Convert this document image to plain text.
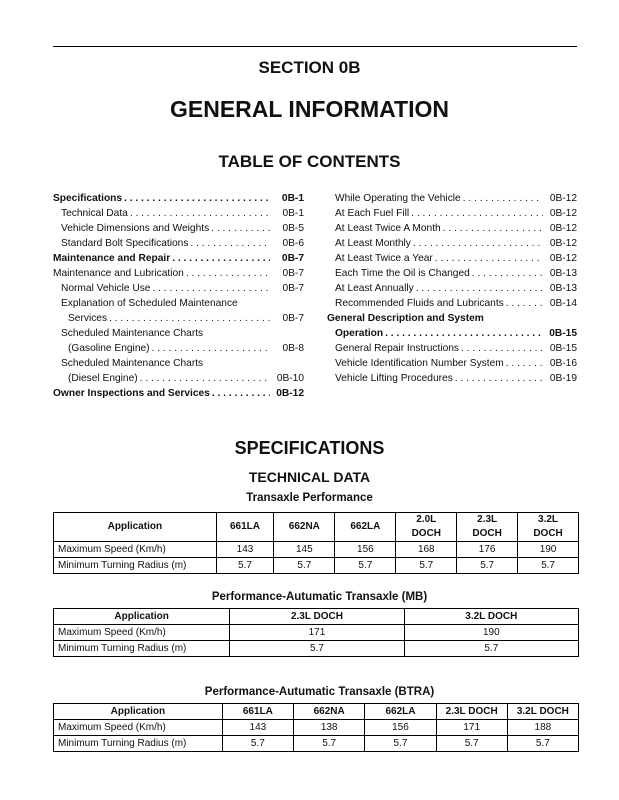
SECTION 0B
GENERAL INFORMATION
TABLE OF CONTENTS
Specifications . . .	0B-1
Technical Data . . .	0B-1
Vehicle Dimensions and Weights . . .	0B-5
Standard Bolt Specifications . . .	0B-6
Maintenance and Repair . . .	0B-7
Maintenance and Lubrication . . .	0B-7
Normal Vehicle Use . . .	0B-7
Explanation of Scheduled Maintenance
Services . . .	0B-7
Scheduled Maintenance Charts
(Gasoline Engine) . . .	0B-8
Scheduled Maintenance Charts
(Diesel Engine) . . .	0B-10
Owner Inspections and Services . . .	0B-12
While Operating the Vehicle . . .	0B-12
At Each Fuel Fill . . .	0B-12
At Least Twice A Month . . .	0B-12
At Least Monthly . . .	0B-12
At Least Twice a Year . . .	0B-12
Each Time the Oil is Changed . . .	0B-13
At Least Annually . . .	0B-13
Recommended Fluids and Lubricants . . .	0B-14
General Description and System
Operation . . .	0B-15
General Repair Instructions . . .	0B-15
Vehicle Identification Number System . . .	0B-16
Vehicle Lifting Procedures . . .	0B-19
SPECIFICATIONS
TECHNICAL DATA
Transaxle Performance
Application	661LA	662NA	662LA	2.0L DOCH	2.3L DOCH	3.2L DOCH
Maximum Speed (Km/h)	143	145	156	168	176	190
Minimum Turning Radius (m)	5.7	5.7	5.7	5.7	5.7	5.7
Performance-Autumatic Transaxle (MB)
Application	2.3L DOCH	3.2L DOCH
Maximum Speed (Km/h)	171	190
Minimum Turning Radius (m)	5.7	5.7
Performance-Autumatic Transaxle (BTRA)
Application	661LA	662NA	662LA	2.3L DOCH	3.2L DOCH
Maximum Speed (Km/h)	143	138	156	171	188
Minimum Turning Radius (m)	5.7	5.7	5.7	5.7	5.7
